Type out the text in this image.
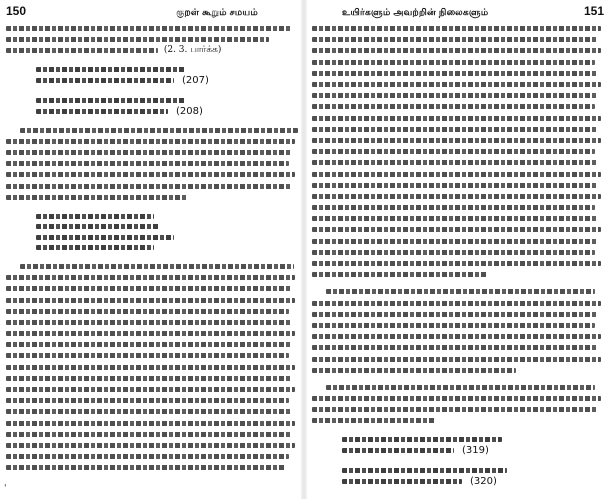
150	குறள் கூறும் சமயம்
(2. 3. பார்க்க)
(207)
(208)
உயிர்களும் அவற்றின் நிலைகளும்	151
(319)
(320)
'
